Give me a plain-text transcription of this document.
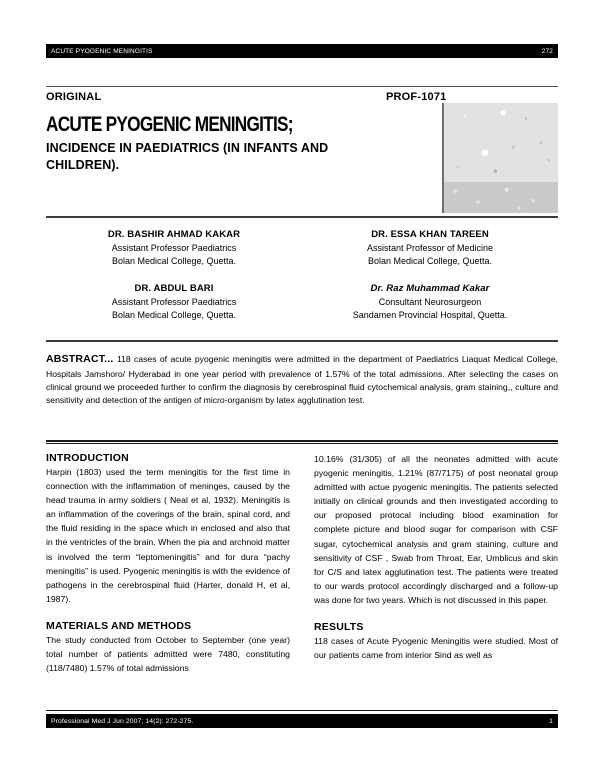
ACUTE PYOGENIC MENINGITIS	272
ORIGINAL	PROF-1071
ACUTE PYOGENIC MENINGITIS;
INCIDENCE IN PAEDIATRICS (IN INFANTS AND CHILDREN).
DR. BASHIR AHMAD KAKAR
Assistant Professor Paediatrics
Bolan Medical College, Quetta.
DR. ABDUL BARI
Assistant Professor Paediatrics
Bolan Medical College, Quetta.
DR. ESSA KHAN TAREEN
Assistant Professor of Medicine
Bolan Medical College, Quetta.
Dr. Raz Muhammad Kakar
Consultant Neurosurgeon
Sandamen Provincial Hospital, Quetta.
ABSTRACT... 118 cases of acute pyogenic meningitis were admitted in the department of Paediatrics Liaquat Medical College, Hospitals Jamshoro/ Hyderabad in one year period with prevalence of 1.57% of the total admissions. After selecting the cases on clinical ground we proceeded further to confirm the diagnosis by cerebrospinal fluid cytochemical analysis, gram staining,, culture and sensitivity and detection of the antigen of micro-organism by latex agglutination test.
INTRODUCTION
Harpin (1803) used the term meningitis for the first time in connection with the inflammation of meninges, caused by the head trauma in army soldiers ( Neal et al, 1932). Meningitis is an inflammation of the coverings of the brain, spinal cord, and the fluid residing in the space which in enclosed and also that in the ventricles of the brain. When the pia and archnoid matter is involved the term “leptomeningitis” and for dura “pachy meningitis” is used. Pyogenic meningitis is with the evidence of pathogens in the cerebrospinal fluid (Harter, donald H, et al, 1987).
MATERIALS AND METHODS
The study conducted from October to September (one year) total number of patients admitted were 7480, constituting (118/7480) 1.57% of total admissions
10.16% (31/305) of all the neonates admitted with acute pyogenic meningitis, 1.21% (87/7175) of post neonatal group admitted with actue pyogenic meningitis. The patients selected initially on clinical grounds and then investigated according to our proposed protocal including blood examination for complete picture and blood sugar for comparison with CSF sugar, cytochemical analysis and gram staining, culture and sensitivity of CSF , Swab from Throat, Ear, Umblicus and skin for C/S and latex agglutination test. The patients were treated to our wards protocol accordingly discharged and a follow-up was done for two years. Which is not discussed in this paper.
RESULTS
118 cases of Acute Pyogenic Meningitis were studied. Most of our patients came from interior Sind as well as
Professional Med J Jun 2007; 14(2): 272-275.	1
